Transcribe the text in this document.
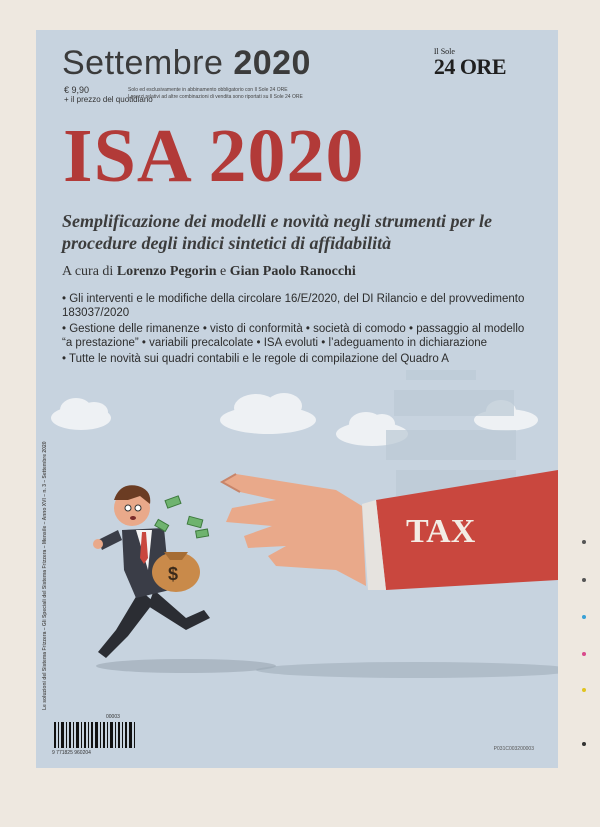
$
TAX
Settembre 2020
€ 9,90
+ il prezzo del quotidiano
Solo ed esclusivamente in abbinamento obbligatorio con Il Sole 24 ORE
I prezzi relativi ad altre combinazioni di vendita sono riportati su Il Sole 24 ORE
Il Sole
24 ORE
ISA 2020
Semplificazione dei modelli e novità negli strumenti per le procedure degli indici sintetici di affidabilità
A cura di Lorenzo Pegorin e Gian Paolo Ranocchi
• Gli interventi e le modifiche della circolare 16/E/2020, del DI Rilancio e del provvedimento 183037/2020
• Gestione delle rimanenze • visto di conformità • società di comodo • passaggio al modello “a prestazione” • variabili precalcolate • ISA evoluti • l’adeguamento in dichiarazione
• Tutte le novità sui quadri contabili e le regole di compilazione del Quadro A
Le soluzioni del Sistema Frizzera – Gli Speciali del Sistema Frizzera – Mensile – Anno XVI – n. 3 – Settembre 2020
00003
9 771825 960204
P031C003200003
